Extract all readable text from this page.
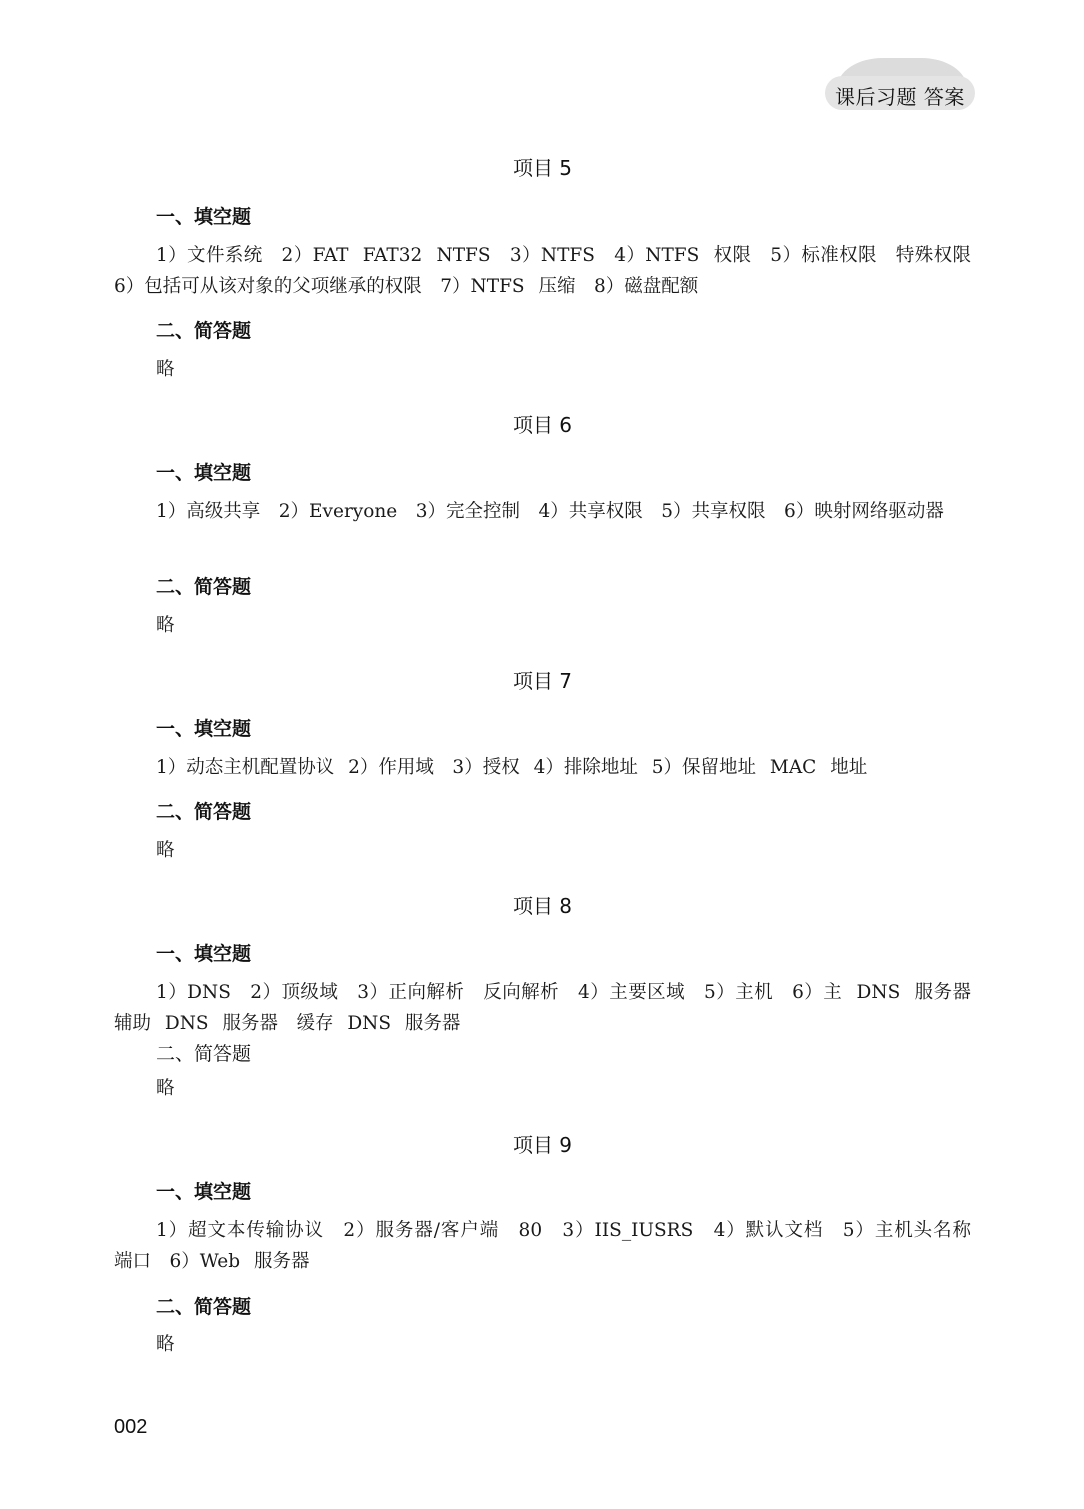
课后习题 答案
项目 5
一、填空题
1）文件系统　2）FAT FAT32 NTFS　3）NTFS　4）NTFS 权限　5）标准权限　特殊权限　6）包括可从该对象的父项继承的权限　7）NTFS 压缩　8）磁盘配额
二、简答题
略
项目 6
一、填空题
1）高级共享　2）Everyone　3）完全控制　4）共享权限　5）共享权限　6）映射网络驱动器
二、简答题
略
项目 7
一、填空题
1）动态主机配置协议 2）作用域　3）授权 4）排除地址 5）保留地址 MAC 地址
二、简答题
略
项目 8
一、填空题
1）DNS　2）顶级域　3）正向解析　反向解析　4）主要区域　5）主机　6）主 DNS 服务器　辅助 DNS 服务器　缓存 DNS 服务器
二、简答题
略
项目 9
一、填空题
1）超文本传输协议　2）服务器/客户端　80　3）IIS_IUSRS　4）默认文档　5）主机头名称　端口　6）Web 服务器
二、简答题
略
002
